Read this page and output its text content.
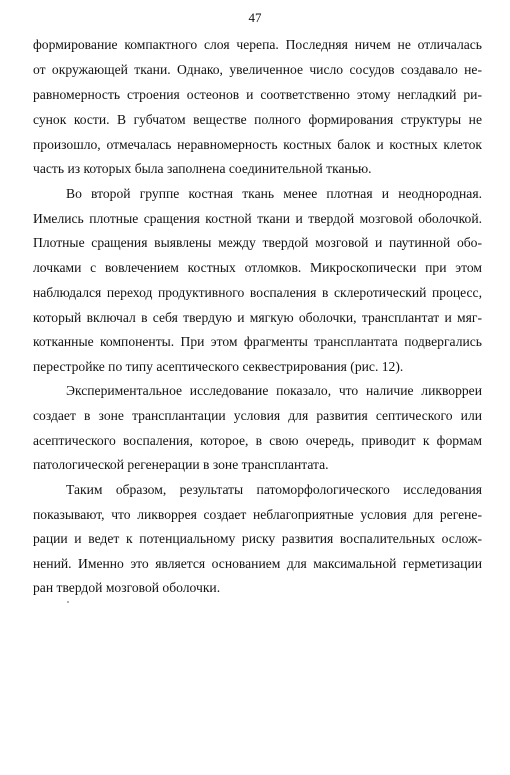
47
формирование компактного слоя черепа. Последняя ничем не отличалась
от окружающей ткани. Однако, увеличенное число сосудов создавало не-
равномерность строения остеонов и соответственно этому негладкий ри-
сунок кости. В губчатом веществе полного формирования структуры не
произошло, отмечалась неравномерность костных балок и костных клеток
часть из которых была заполнена соединительной тканью.
Во второй группе костная ткань менее плотная и неоднородная.
Имелись плотные сращения костной ткани и твердой мозговой оболочкой.
Плотные сращения выявлены между твердой мозговой и паутинной обо-
лочками с вовлечением костных отломков. Микроскопически при этом
наблюдался переход продуктивного воспаления в склеротический процесс,
который включал в себя твердую и мягкую оболочки, трансплантат и мяг-
котканные компоненты. При этом фрагменты трансплантата подвергались
перестройке по типу асептического секвестрирования (рис. 12).
Экспериментальное исследование показало, что наличие ликворреи
создает в зоне трансплантации условия для развития септического или
асептического воспаления, которое, в свою очередь, приводит к формам
патологической регенерации в зоне трансплантата.
Таким образом, результаты патоморфологического исследования
показывают, что ликворрея создает неблагоприятные условия для регене-
рации и ведет к потенциальному риску развития воспалительных ослож-
нений. Именно это является основанием для максимальной герметизации
ран твердой мозговой оболочки.
